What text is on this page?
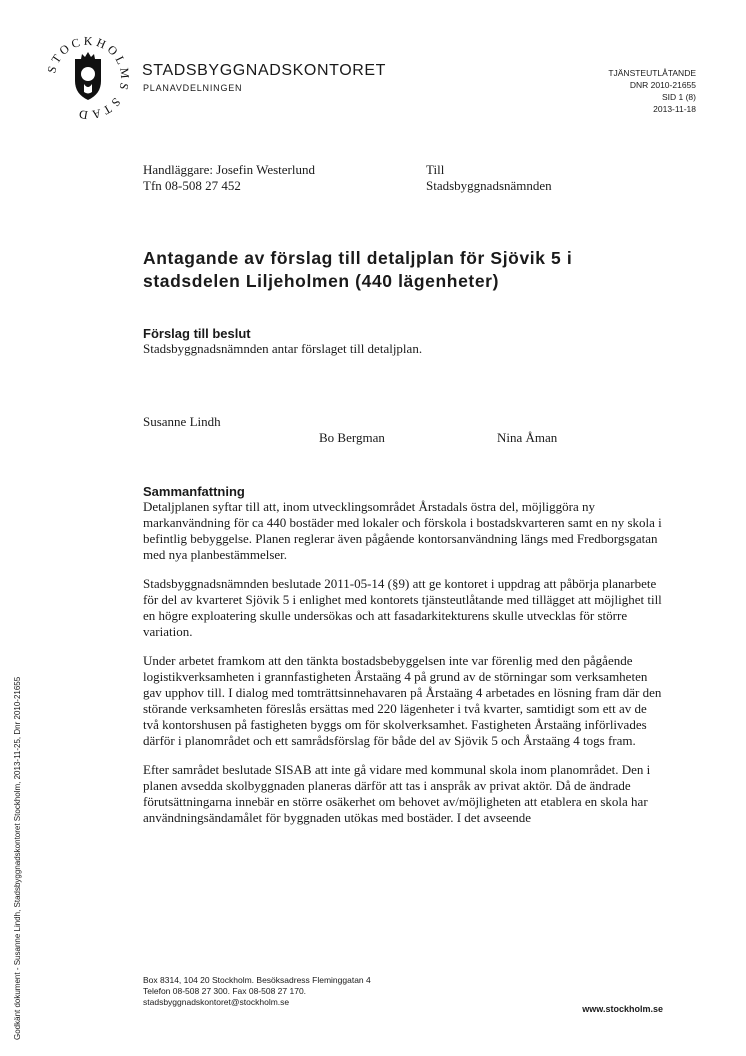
STOCKHOLMS STAD
STADSBYGGNADSKONTORET
PLANAVDELNINGEN
TJÄNSTEUTLÅTANDE
DNR 2010-21655
SID 1 (8)
2013-11-18
Handläggare: Josefin Westerlund
Tfn 08-508 27 452
Till
Stadsbyggnadsnämnden
Antagande av förslag till detaljplan för Sjövik 5 i stadsdelen Liljeholmen (440 lägenheter)
Förslag till beslut
Stadsbyggnadsnämnden antar förslaget till detaljplan.
Susanne Lindh
Bo Bergman	Nina Åman
Sammanfattning

Detaljplanen syftar till att, inom utvecklingsområdet Årstadals östra del, möjliggöra ny markanvändning för ca 440 bostäder med lokaler och förskola i bostadskvarteren samt en ny skola i befintlig bebyggelse. Planen reglerar även pågående kontorsanvändning längs med Fredborgsgatan med nya planbestämmelser.

Stadsbyggnadsnämnden beslutade 2011-05-14 (§9) att ge kontoret i uppdrag att påbörja planarbete för del av kvarteret Sjövik 5 i enlighet med kontorets tjänsteutlåtande med tillägget att möjlighet till en högre exploatering skulle undersökas och att fasadarkitekturens skulle utvecklas för större variation.

Under arbetet framkom att den tänkta bostadsbebyggelsen inte var förenlig med den pågående logistikverksamheten i grannfastigheten Årstaäng 4 på grund av de störningar som verksamheten gav upphov till. I dialog med tomträttsinnehavaren på Årstaäng 4 arbetades en lösning fram där den störande verksamheten föreslås ersättas med 220 lägenheter i två kvarter, samtidigt som ett av de två kontorshusen på fastigheten byggs om för skolverksamhet. Fastigheten Årstaäng införlivades därför i planområdet och ett samrådsförslag för både del av Sjövik 5 och Årstaäng 4 togs fram.

Efter samrådet beslutade SISAB att inte gå vidare med kommunal skola inom planområdet. Den i planen avsedda skolbyggnaden planeras därför att tas i anspråk av privat aktör. Då de ändrade förutsättningarna innebär en större osäkerhet om behovet av/möjligheten att etablera en skola har användningsändamålet för byggnaden utökas med bostäder. I det avseende

Box 8314, 104 20 Stockholm. Besöksadress Fleminggatan 4
Telefon 08-508 27 300. Fax 08-508 27 170.
stadsbyggnadskontoret@stockholm.se
www.stockholm.se
Godkänt dokument - Susanne Lindh, Stadsbyggnadskontoret Stockholm, 2013-11-25, Dnr 2010-21655
